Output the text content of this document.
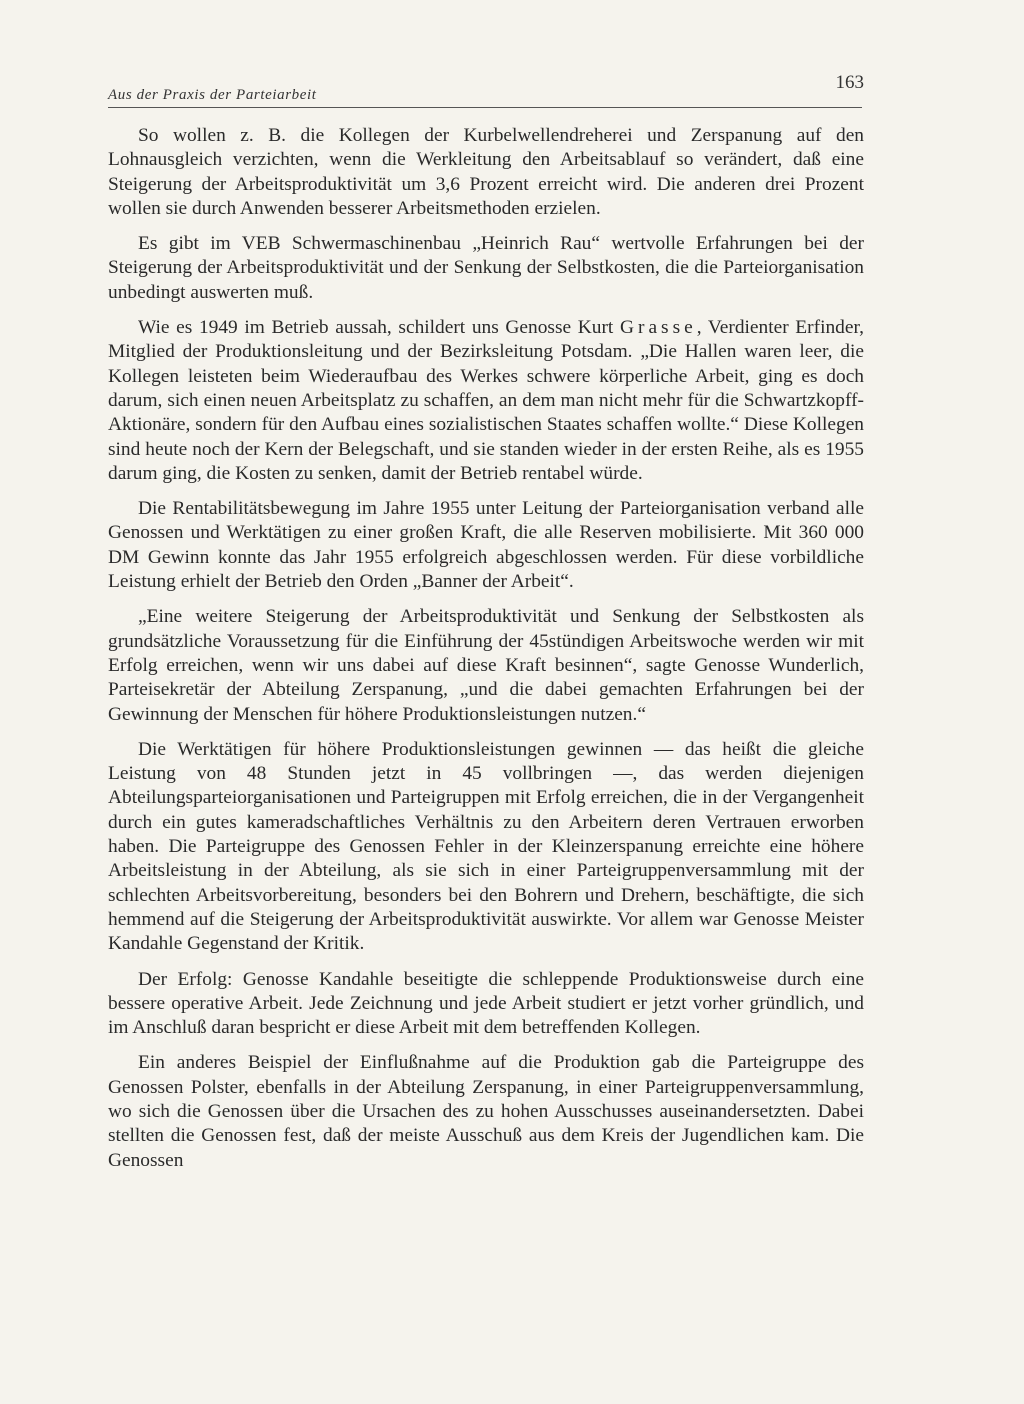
Aus der Praxis der Parteiarbeit
163

So wollen z. B. die Kollegen der Kurbelwellendreherei und Zerspanung auf den Lohnausgleich verzichten, wenn die Werkleitung den Arbeitsablauf so verändert, daß eine Steigerung der Arbeitsproduktivität um 3,6 Prozent erreicht wird. Die anderen drei Prozent wollen sie durch Anwenden besserer Arbeitsmethoden erzielen.

Es gibt im VEB Schwermaschinenbau „Heinrich Rau“ wertvolle Erfahrungen bei der Steigerung der Arbeitsproduktivität und der Senkung der Selbstkosten, die die Parteiorganisation unbedingt auswerten muß.

Wie es 1949 im Betrieb aussah, schildert uns Genosse Kurt Grasse, Verdienter Erfinder, Mitglied der Produktionsleitung und der Bezirksleitung Potsdam. „Die Hallen waren leer, die Kollegen leisteten beim Wiederaufbau des Werkes schwere körperliche Arbeit, ging es doch darum, sich einen neuen Arbeitsplatz zu schaffen, an dem man nicht mehr für die Schwartzkopff-Aktionäre, sondern für den Aufbau eines sozialistischen Staates schaffen wollte.“ Diese Kollegen sind heute noch der Kern der Belegschaft, und sie standen wieder in der ersten Reihe, als es 1955 darum ging, die Kosten zu senken, damit der Betrieb rentabel würde.

Die Rentabilitätsbewegung im Jahre 1955 unter Leitung der Parteiorganisation verband alle Genossen und Werktätigen zu einer großen Kraft, die alle Reserven mobilisierte. Mit 360 000 DM Gewinn konnte das Jahr 1955 erfolgreich abgeschlossen werden. Für diese vorbildliche Leistung erhielt der Betrieb den Orden „Banner der Arbeit“.

„Eine weitere Steigerung der Arbeitsproduktivität und Senkung der Selbstkosten als grundsätzliche Voraussetzung für die Einführung der 45stündigen Arbeitswoche werden wir mit Erfolg erreichen, wenn wir uns dabei auf diese Kraft besinnen“, sagte Genosse Wunderlich, Parteisekretär der Abteilung Zerspanung, „und die dabei gemachten Erfahrungen bei der Gewinnung der Menschen für höhere Produktionsleistungen nutzen.“

Die Werktätigen für höhere Produktionsleistungen gewinnen — das heißt die gleiche Leistung von 48 Stunden jetzt in 45 vollbringen —, das werden diejenigen Abteilungsparteiorganisationen und Parteigruppen mit Erfolg erreichen, die in der Vergangenheit durch ein gutes kameradschaftliches Verhältnis zu den Arbeitern deren Vertrauen erworben haben. Die Parteigruppe des Genossen Fehler in der Kleinzerspanung erreichte eine höhere Arbeitsleistung in der Abteilung, als sie sich in einer Parteigruppenversammlung mit der schlechten Arbeitsvorbereitung, besonders bei den Bohrern und Drehern, beschäftigte, die sich hemmend auf die Steigerung der Arbeitsproduktivität auswirkte. Vor allem war Genosse Meister Kandahle Gegenstand der Kritik.

Der Erfolg: Genosse Kandahle beseitigte die schleppende Produktionsweise durch eine bessere operative Arbeit. Jede Zeichnung und jede Arbeit studiert er jetzt vorher gründlich, und im Anschluß daran bespricht er diese Arbeit mit dem betreffenden Kollegen.

Ein anderes Beispiel der Einflußnahme auf die Produktion gab die Parteigruppe des Genossen Polster, ebenfalls in der Abteilung Zerspanung, in einer Parteigruppenversammlung, wo sich die Genossen über die Ursachen des zu hohen Ausschusses auseinandersetzten. Dabei stellten die Genossen fest, daß der meiste Ausschuß aus dem Kreis der Jugendlichen kam. Die Genossen
